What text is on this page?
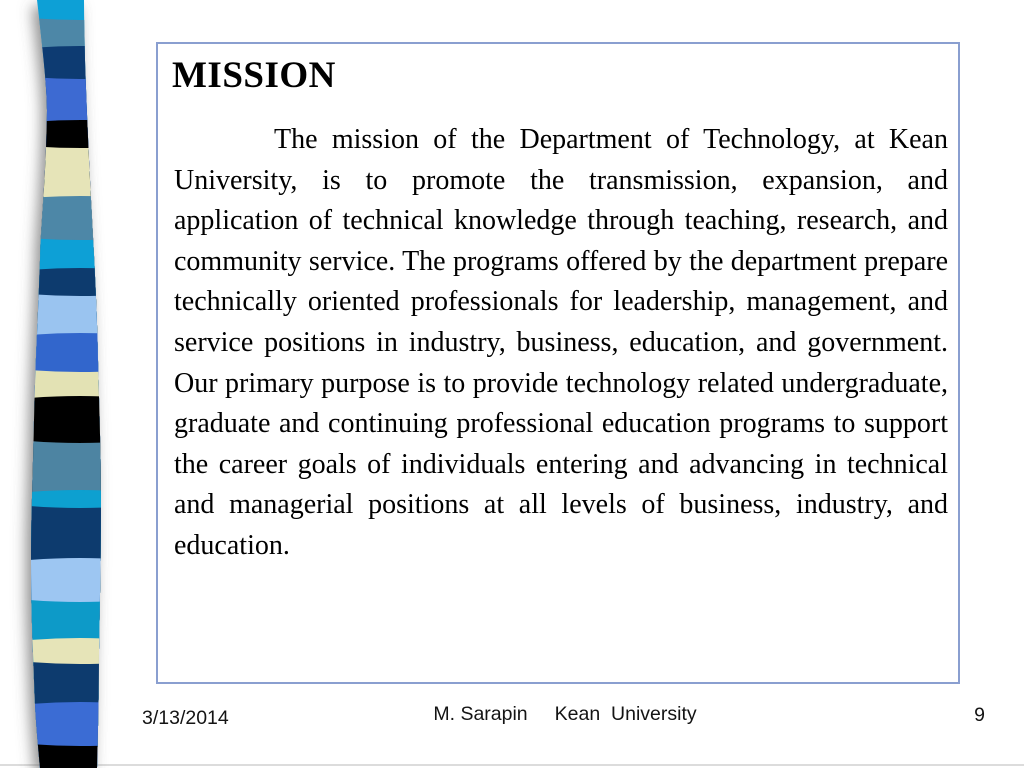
MISSION

The mission of the Department of Technology, at Kean University, is to promote the transmission, expansion, and application of technical knowledge through teaching, research, and community service. The programs offered by the department prepare technically oriented professionals for leadership, management, and service positions in industry, business, education, and government. Our primary purpose is to provide technology related undergraduate, graduate and continuing professional education programs to support the career goals of individuals entering and advancing in technical and managerial positions at all levels of business, industry, and education.

3/13/2014	M. Sarapin Kean  University	9
